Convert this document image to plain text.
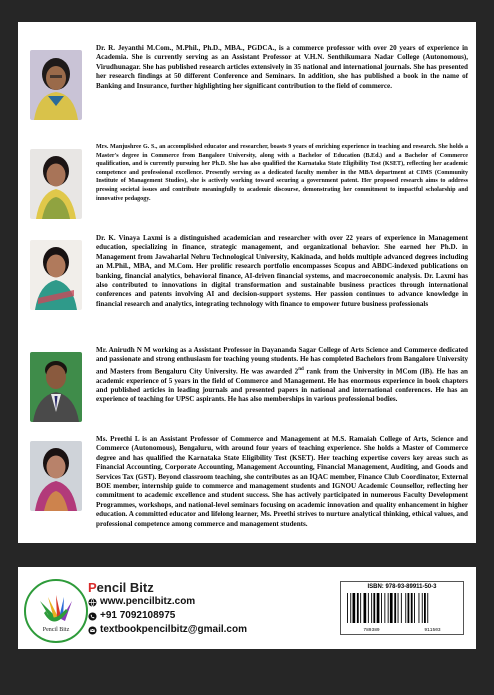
Dr. R. Jeyanthi M.Com., M.Phil., Ph.D., MBA., PGDCA., is a commerce professor with over 20 years of experience in Academia. She is currently serving as an Assistant Professor at V.H.N. Senthikumara Nadar College (Autonomous), Virudhunagar. She has published research articles extensively in 35 national and international journals. She has presented her research findings at 50 different Conference and Seminars. In addition, she has published a book in the name of Banking and Insurance, further highlighting her significant contribution to the field of commerce.

Mrs. Manjushree G. S., an accomplished educator and researcher, boasts 9 years of enriching experience in teaching and research. She holds a Master's degree in Commerce from Bangalore University, along with a Bachelor of Education (B.Ed.) and a Bachelor of Commerce qualification, and is currently pursuing her Ph.D. She has also qualified the Karnataka State Eligibility Test (KSET), reflecting her academic competence and professional excellence. Presently serving as a dedicated faculty member in the MBA department at CIMS (Community Institute of Management Studies), she is actively working toward securing a government patent. Her proposed research aims to address pressing societal issues and contribute meaningfully to academic discourse, demonstrating her commitment to impactful scholarship and innovative pedagogy.

Dr. K. Vinaya Laxmi is a distinguished academician and researcher with over 22 years of experience in Management education, specializing in finance, strategic management, and organizational behavior. She earned her Ph.D. in Management from Jawaharlal Nehru Technological University, Kakinada, and holds multiple advanced degrees including an M.Phil., MBA, and M.Com. Her prolific research portfolio encompasses Scopus and ABDC-indexed publications on banking, financial analytics, behavioral finance, AI-driven financial systems, and macroeconomic analysis. Dr. Laxmi has also contributed to innovations in digital transformation and sustainable business practices through international conferences and patents involving AI and decision-support systems. Her passion continues to advance knowledge in financial research and analytics, integrating technology with finance to empower future business professionals

Mr. Anirudh N M working as a Assistant Professor in Dayananda Sagar College of Arts Science and Commerce dedicated and passionate and strong enthusiasm for teaching young students. He has completed Bachelors from Bangalore University and Masters from Bengaluru City University. He was awarded 2nd rank from the University in MCom (IB). He has an academic experience of 5 years in the field of Commerce and Management. He has enormous experience in book chapters and published articles in leading journals and presented papers in national and international conferences. He has an experience of teaching for UPSC aspirants. He has also memberships in various professional bodies.

Ms. Preethi L is an Assistant Professor of Commerce and Management at M.S. Ramaiah College of Arts, Science and Commerce (Autonomous), Bengaluru, with around four years of teaching experience. She holds a Master of Commerce degree and has qualified the Karnataka State Eligibility Test (KSET). Her teaching expertise covers key areas such as Financial Accounting, Corporate Accounting, Management Accounting, Financial Management, Auditing, and Goods and Services Tax (GST). Beyond classroom teaching, she contributes as an IQAC member, Finance Club Coordinator, External BOE member, internship guide to commerce and management students and IGNOU Academic Counsellor, reflecting her commitment to academic excellence and student success. She has actively participated in numerous Faculty Development Programmes, workshops, and national-level seminars focusing on academic innovation and quality enhancement in higher education. A committed educator and lifelong learner, Ms. Preethi strives to nurture analytical thinking, ethical values, and professional competence among commerce and management students.

Pencil Bitz
Pencil Bitz
www.pencilbitz.com
+91 7092108975
textbookpencilbitz@gmail.com
ISBN: 978-93-89911-50-3
789389	911503
